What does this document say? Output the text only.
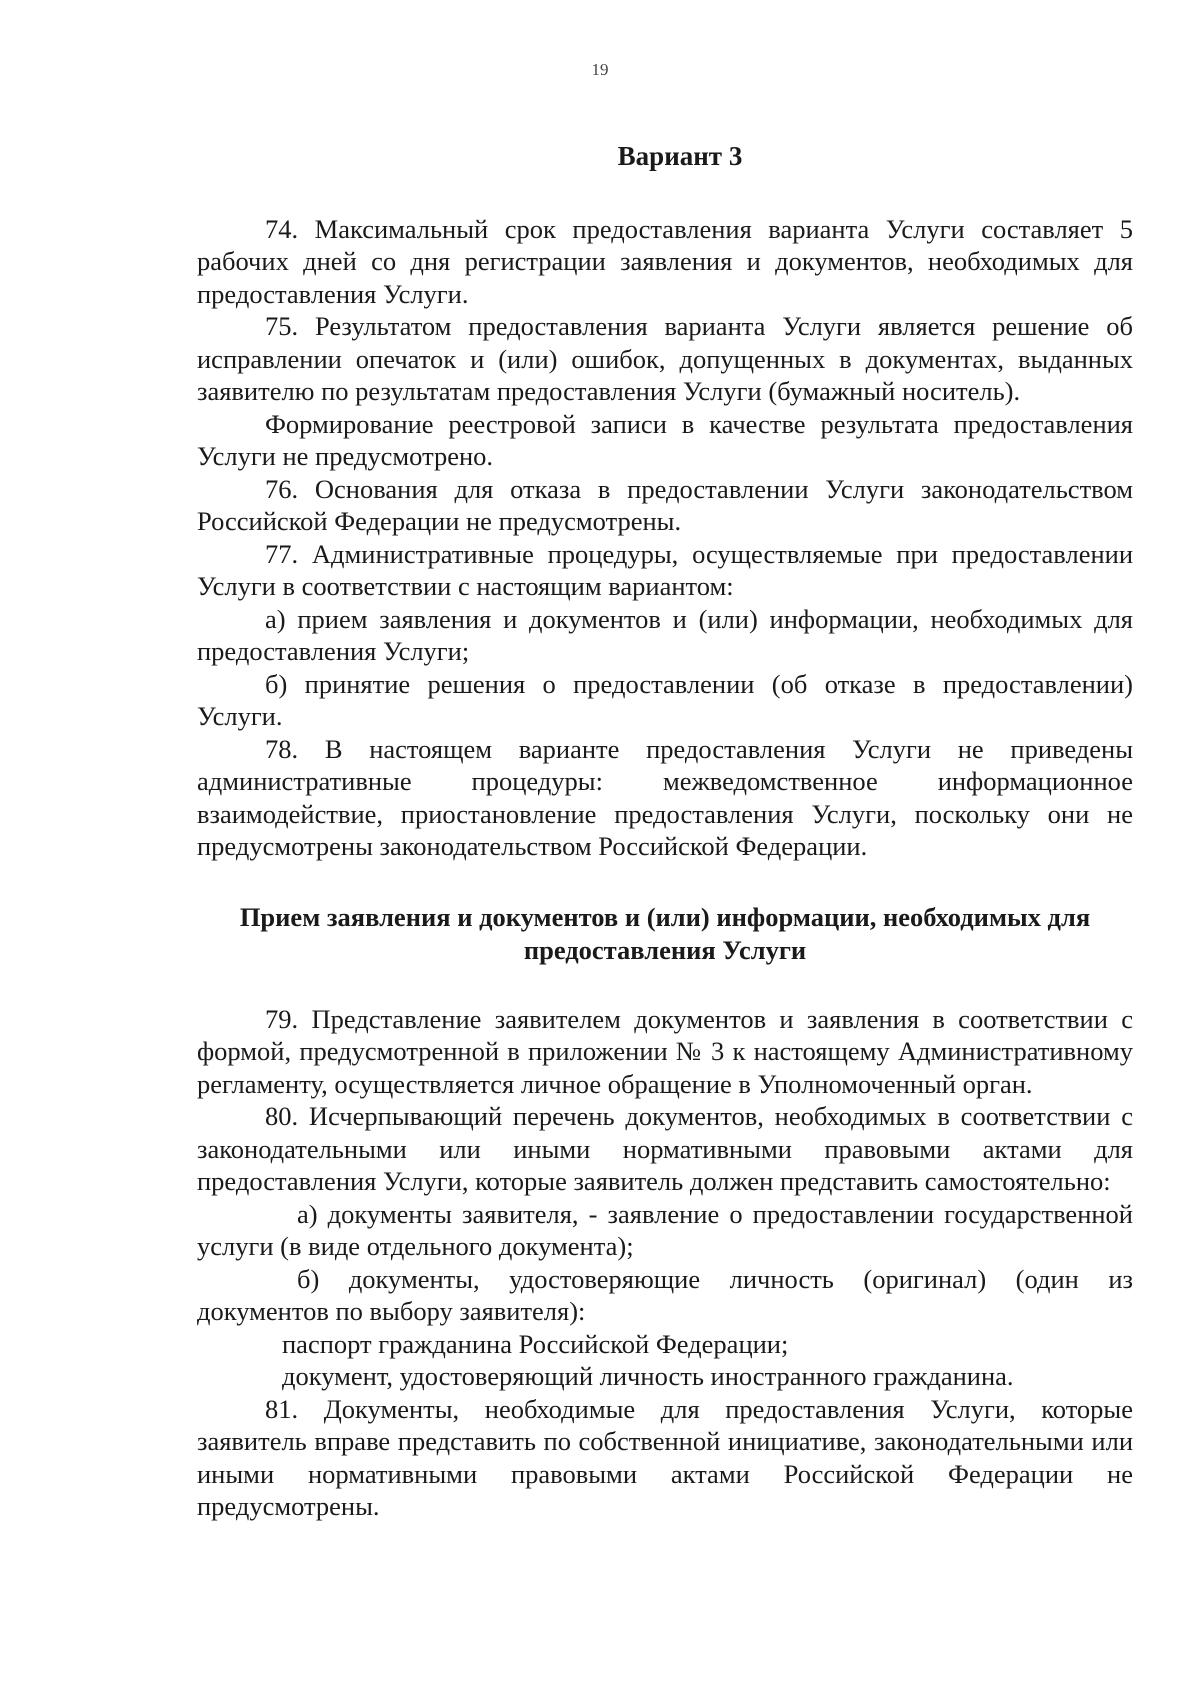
19
Вариант 3

74. Максимальный срок предоставления варианта Услуги составляет 5 рабочих дней со дня регистрации заявления и документов, необходимых для предоставления Услуги.

75. Результатом предоставления варианта Услуги является решение об исправлении опечаток и (или) ошибок, допущенных в документах, выданных заявителю по результатам предоставления Услуги (бумажный носитель).

Формирование реестровой записи в качестве результата предоставления Услуги не предусмотрено.

76. Основания для отказа в предоставлении Услуги законодательством Российской Федерации не предусмотрены.

77. Административные процедуры, осуществляемые при предоставлении Услуги в соответствии с настоящим вариантом:

а) прием заявления и документов и (или) информации, необходимых для предоставления Услуги;

б) принятие решения о предоставлении (об отказе в предоставлении) Услуги.

78. В настоящем варианте предоставления Услуги не приведены административные процедуры: межведомственное информационное взаимодействие, приостановление предоставления Услуги, поскольку они не предусмотрены законодательством Российской Федерации.

Прием заявления и документов и (или) информации, необходимых для предоставления Услуги

79. Представление заявителем документов и заявления в соответствии с формой, предусмотренной в приложении № 3 к настоящему Административному регламенту, осуществляется личное обращение в Уполномоченный орган.

80. Исчерпывающий перечень документов, необходимых в соответствии с законодательными или иными нормативными правовыми актами для предоставления Услуги, которые заявитель должен представить самостоятельно:

а) документы заявителя, - заявление о предоставлении государственной услуги (в виде отдельного документа);

б) документы, удостоверяющие личность (оригинал) (один из документов по выбору заявителя):

паспорт гражданина Российской Федерации;

документ, удостоверяющий личность иностранного гражданина.

81. Документы, необходимые для предоставления Услуги, которые заявитель вправе представить по собственной инициативе, законодательными или иными нормативными правовыми актами Российской Федерации не предусмотрены.
